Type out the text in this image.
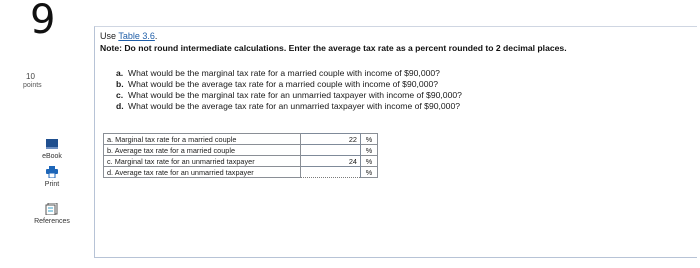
9
10
points
eBook
Print
References
Use Table 3.6.
Note: Do not round intermediate calculations. Enter the average tax rate as a percent rounded to 2 decimal places.
a. What would be the marginal tax rate for a married couple with income of $90,000?
b. What would be the average tax rate for a married couple with income of $90,000?
c. What would be the marginal tax rate for an unmarried taxpayer with income of $90,000?
d. What would be the average tax rate for an unmarried taxpayer with income of $90,000?
a. Marginal tax rate for a married couple	22	%
b. Average tax rate for a married couple		%
c. Marginal tax rate for an unmarried taxpayer	24	%
d. Average tax rate for an unmarried taxpayer		%
